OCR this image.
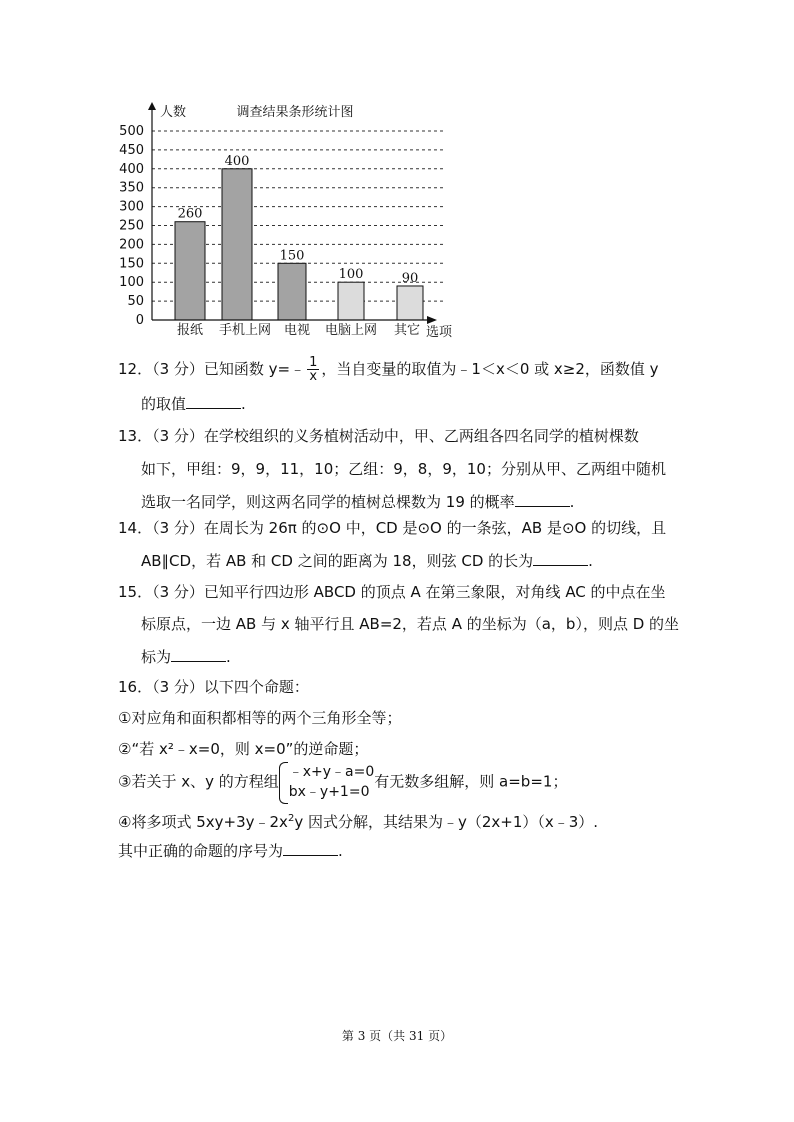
0
50
100
150
200
250
300
350
400
450
500
260
报纸
400
手机上网
150
电视
100
电脑上网
90
其它
人数	调查结果条形统计图
选项
12．（3 分）已知函数 y=﹣ $\frac{1}{x}$ ，当自变量的取值为﹣1＜x＜0 或 x≥2，函数值 y
的取值	.
13．（3 分）在学校组织的义务植树活动中，甲、乙两组各四名同学的植树棵数
如下，甲组：9，9，11，10；乙组：9，8，9，10；分别从甲、乙两组中随机
选取一名同学，则这两名同学的植树总棵数为 19 的概率	.
14．（3 分）在周长为 26π 的⊙O 中，CD 是⊙O 的一条弦，AB 是⊙O 的切线，且
AB∥CD，若 AB 和 CD 之间的距离为 18，则弦 CD 的长为	.
15．（3 分）已知平行四边形 ABCD 的顶点 A 在第三象限，对角线 AC 的中点在坐
标原点，一边 AB 与 x 轴平行且 AB=2，若点 A 的坐标为（a，b），则点 D 的坐
标为	.
16．（3 分）以下四个命题：
①对应角和面积都相等的两个三角形全等；
②“若 x²﹣x=0，则 x=0”的逆命题；
③若关于 x、y 的方程组
﹣x+y﹣a=0
bx﹣y+1=0
有无数多组解，则 a=b=1；
④将多项式 $5xy+3y﹣2x^2y$ 因式分解，其结果为﹣y（2x+1）（x﹣3）.
其中正确的命题的序号为	.
第 3 页（共 31 页）
